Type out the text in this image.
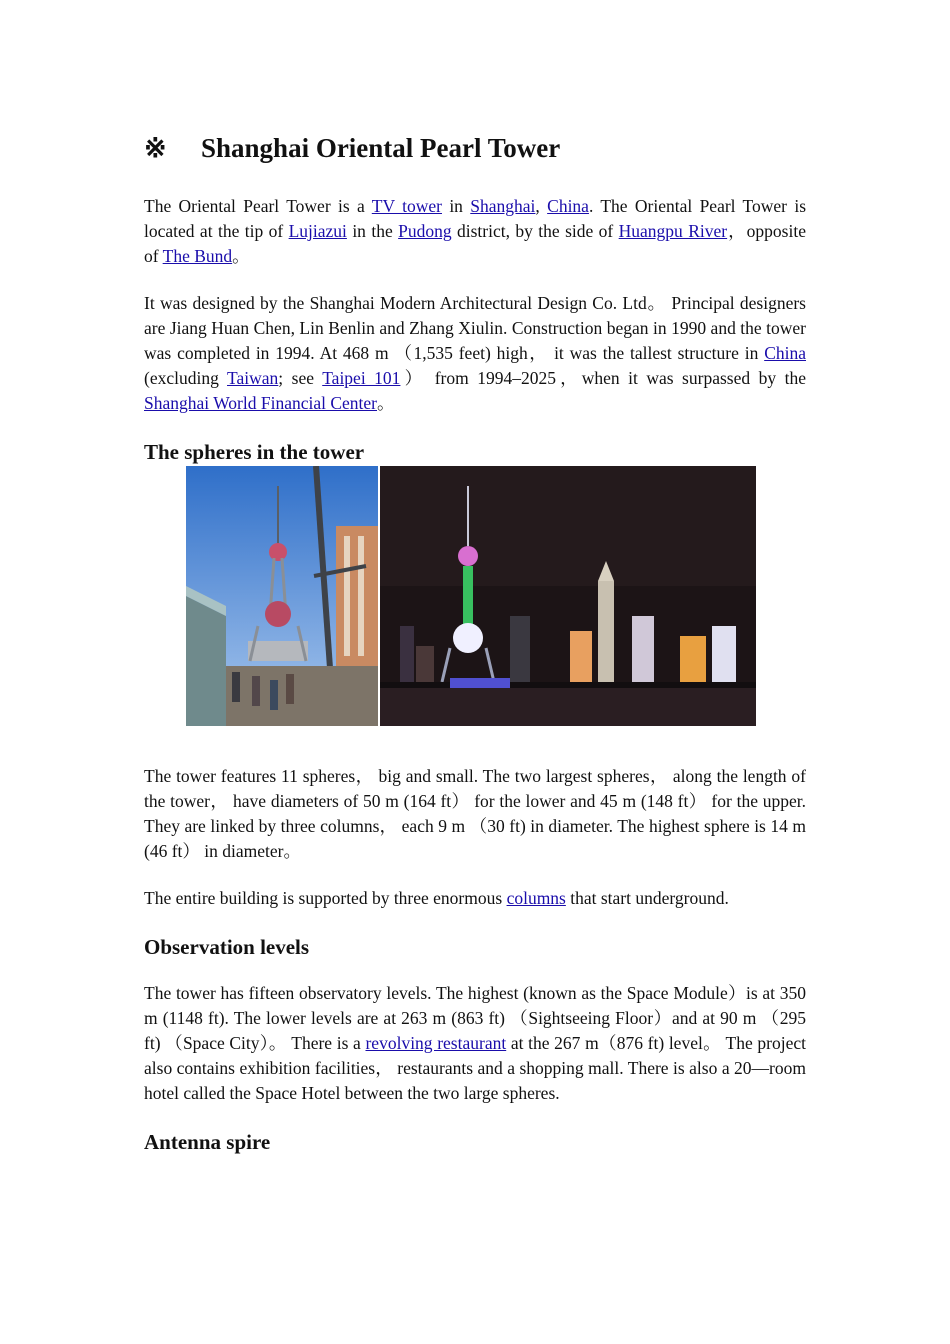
※ Shanghai Oriental Pearl Tower

The Oriental Pearl Tower is a TV tower in Shanghai, China. The Oriental Pearl Tower is located at the tip of Lujiazui in the Pudong district, by the side of Huangpu River，opposite of The Bund。

It was designed by the Shanghai Modern Architectural Design Co. Ltd。 Principal designers are Jiang Huan Chen, Lin Benlin and Zhang Xiulin. Construction began in 1990 and the tower was completed in 1994. At 468 m （1,535 feet) high， it was the tallest structure in China (excluding Taiwan; see Taipei 101） from 1994–2025，when it was surpassed by the Shanghai World Financial Center。

The spheres in the tower

The tower features 11 spheres， big and small. The two largest spheres， along the length of the tower， have diameters of 50 m (164 ft） for the lower and 45 m (148 ft） for the upper. They are linked by three columns， each 9 m （30 ft) in diameter. The highest sphere is 14 m (46 ft） in diameter。

The entire building is supported by three enormous columns that start underground.

Observation levels

The tower has fifteen observatory levels. The highest (known as the Space Module）is at 350 m (1148 ft). The lower levels are at 263 m (863 ft) （Sightseeing Floor）and at 90 m （295 ft) （Space City）。 There is a revolving restaurant at the 267 m（876 ft) level。 The project also contains exhibition facilities， restaurants and a shopping mall. There is also a 20—room hotel called the Space Hotel between the two large spheres.

Antenna spire
